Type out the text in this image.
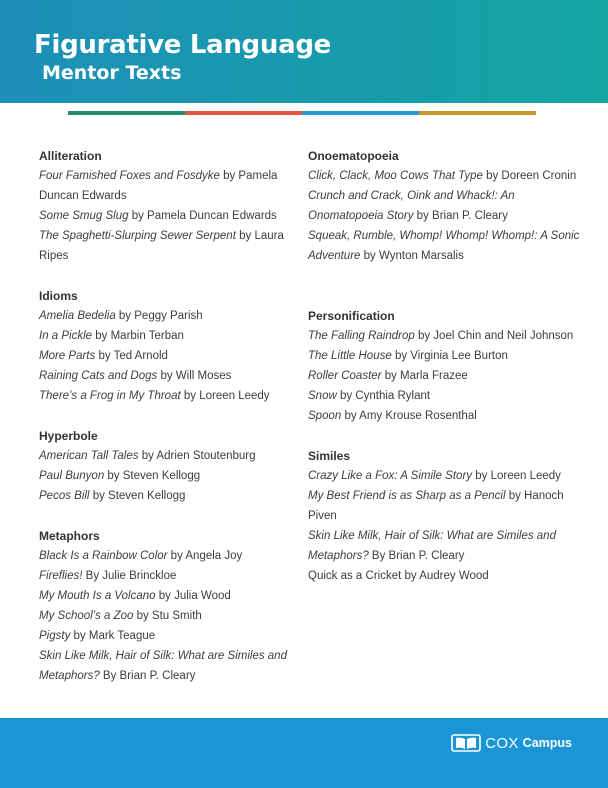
Figurative Language
Mentor Texts

Alliteration

Four Famished Foxes and Fosdyke by Pamela Duncan Edwards

Some Smug Slug by Pamela Duncan Edwards

The Spaghetti-Slurping Sewer Serpent by Laura Ripes

Idioms

Amelia Bedelia by Peggy Parish

In a Pickle by Marbin Terban

More Parts by Ted Arnold

Raining Cats and Dogs by Will Moses

There’s a Frog in My Throat by Loreen Leedy

Hyperbole

American Tall Tales by Adrien Stoutenburg

Paul Bunyon by Steven Kellogg

Pecos Bill by Steven Kellogg

Metaphors

Black Is a Rainbow Color by Angela Joy

Fireflies! By Julie Brinckloe

My Mouth Is a Volcano by Julia Wood

My School’s a Zoo by Stu Smith

Pigsty by Mark Teague

Skin Like Milk, Hair of Silk: What are Similes and Metaphors? By Brian P. Cleary

Onoematopoeia

Click, Clack, Moo Cows That Type by Doreen Cronin

Crunch and Crack, Oink and Whack!: An Onomatopoeia Story by Brian P. Cleary

Squeak, Rumble, Whomp! Whomp! Whomp!: A Sonic Adventure by Wynton Marsalis

Personification

The Falling Raindrop by Joel Chin and Neil Johnson

The Little House by Virginia Lee Burton

Roller Coaster by Marla Frazee

Snow by Cynthia Rylant

Spoon by Amy Krouse Rosenthal

Similes

Crazy Like a Fox: A Simile Story by Loreen Leedy

My Best Friend is as Sharp as a Pencil by Hanoch Piven

Skin Like Milk, Hair of Silk: What are Similes and Metaphors? By Brian P. Cleary

Quick as a Cricket by Audrey Wood

COX Campus
